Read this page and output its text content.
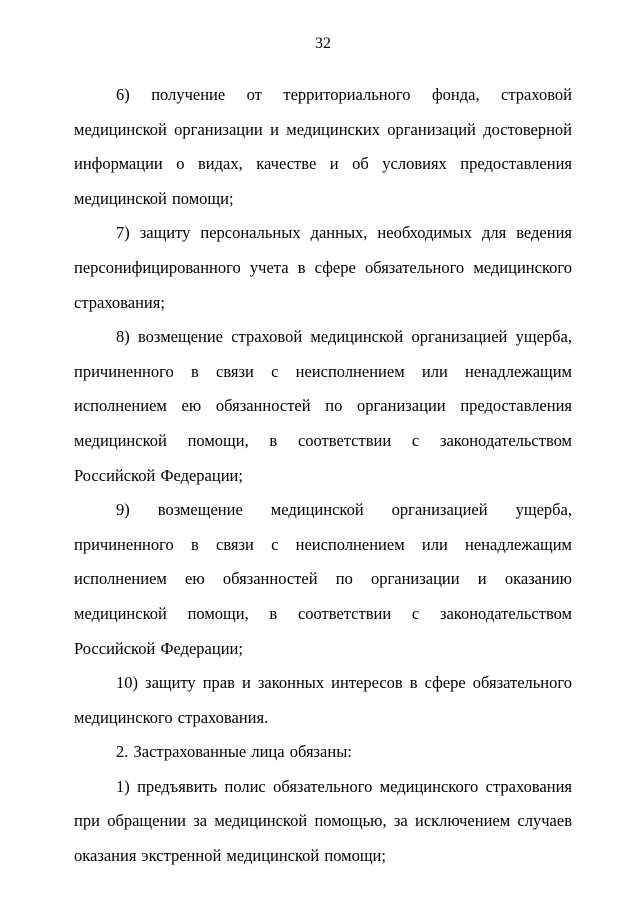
32

6) получение от территориального фонда, страховой медицинской организации и медицинских организаций достоверной информации о видах, качестве и об условиях предоставления медицинской помощи;

7) защиту персональных данных, необходимых для ведения персонифицированного учета в сфере обязательного медицинского страхования;

8) возмещение страховой медицинской организацией ущерба, причиненного в связи с неисполнением или ненадлежащим исполнением ею обязанностей по организации предоставления медицинской помощи, в соответствии с законодательством Российской Федерации;

9) возмещение медицинской организацией ущерба, причиненного в связи с неисполнением или ненадлежащим исполнением ею обязанностей по организации и оказанию медицинской помощи, в соответствии с законодательством Российской Федерации;

10) защиту прав и законных интересов в сфере обязательного медицинского страхования.

2. Застрахованные лица обязаны:

1) предъявить полис обязательного медицинского страхования при обращении за медицинской помощью, за исключением случаев оказания экстренной медицинской помощи;
